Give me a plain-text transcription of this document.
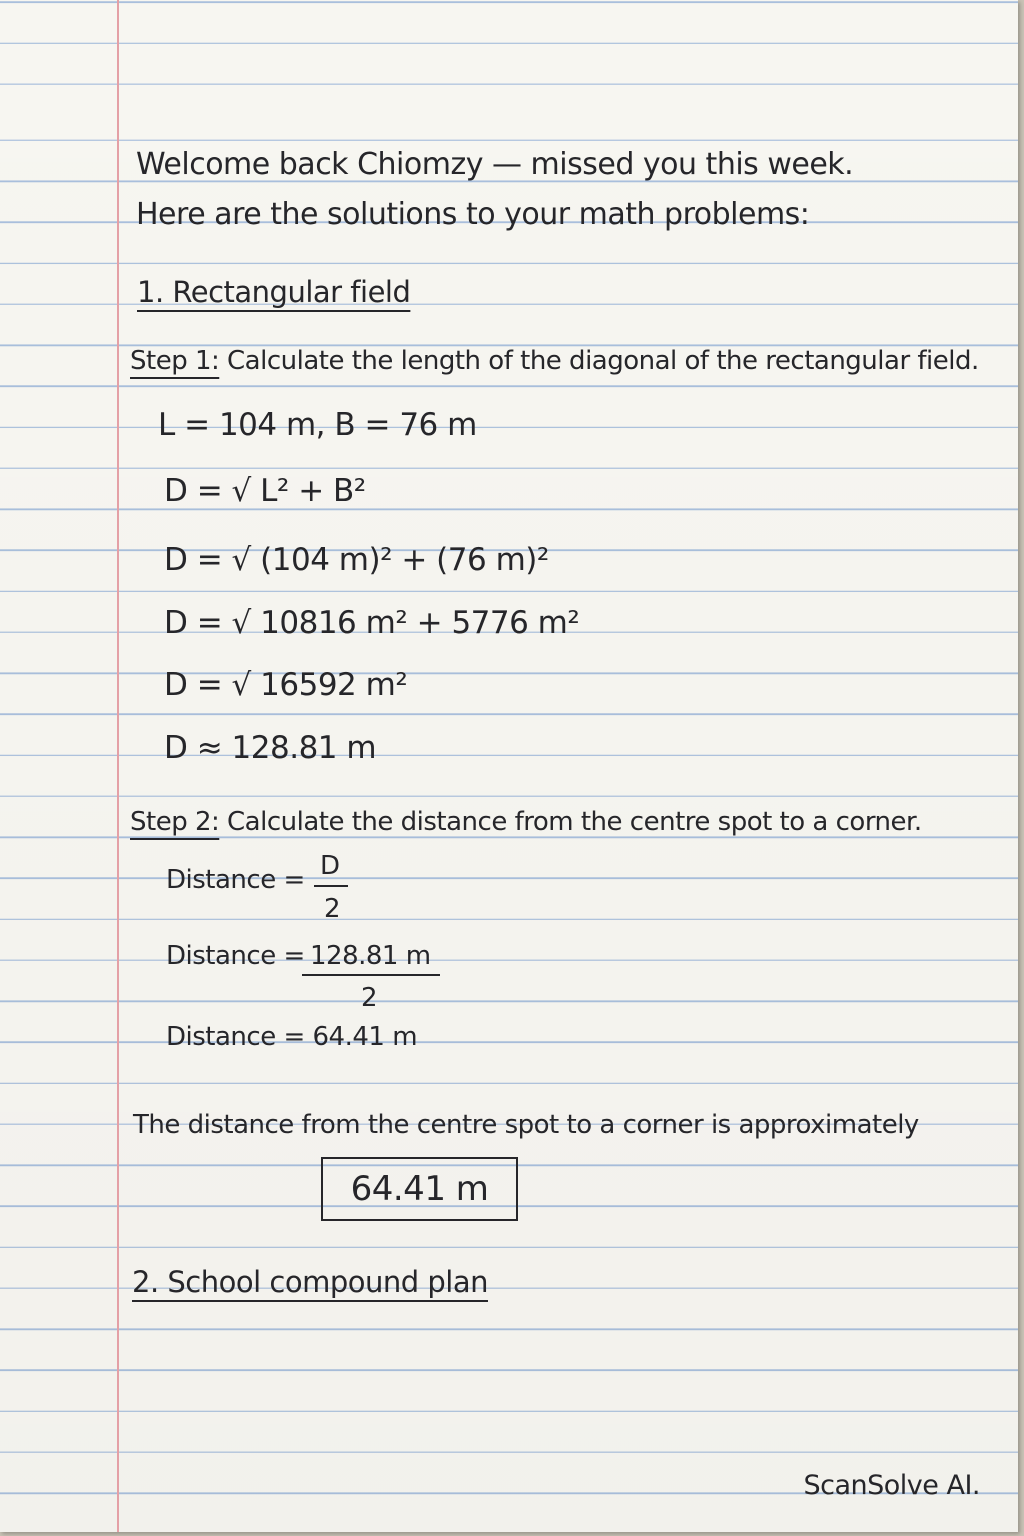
Welcome back Chiomzy — missed you this week.
Here are the solutions to your math problems:
1. Rectangular field
Step 1: Calculate the length of the diagonal of the rectangular field.
L = 104 m, B = 76 m
D = √ L² + B²
D = √ (104 m)² + (76 m)²
D = √ 10816 m² + 5776 m²
D = √ 16592 m²
D ≈ 128.81 m
Step 2: Calculate the distance from the centre spot to a corner.
Distance = D
2
Distance = 128.81 m
2
Distance = 64.41 m
The distance from the centre spot to a corner is approximately
64.41 m
2. School compound plan
ScanSolve AI.
